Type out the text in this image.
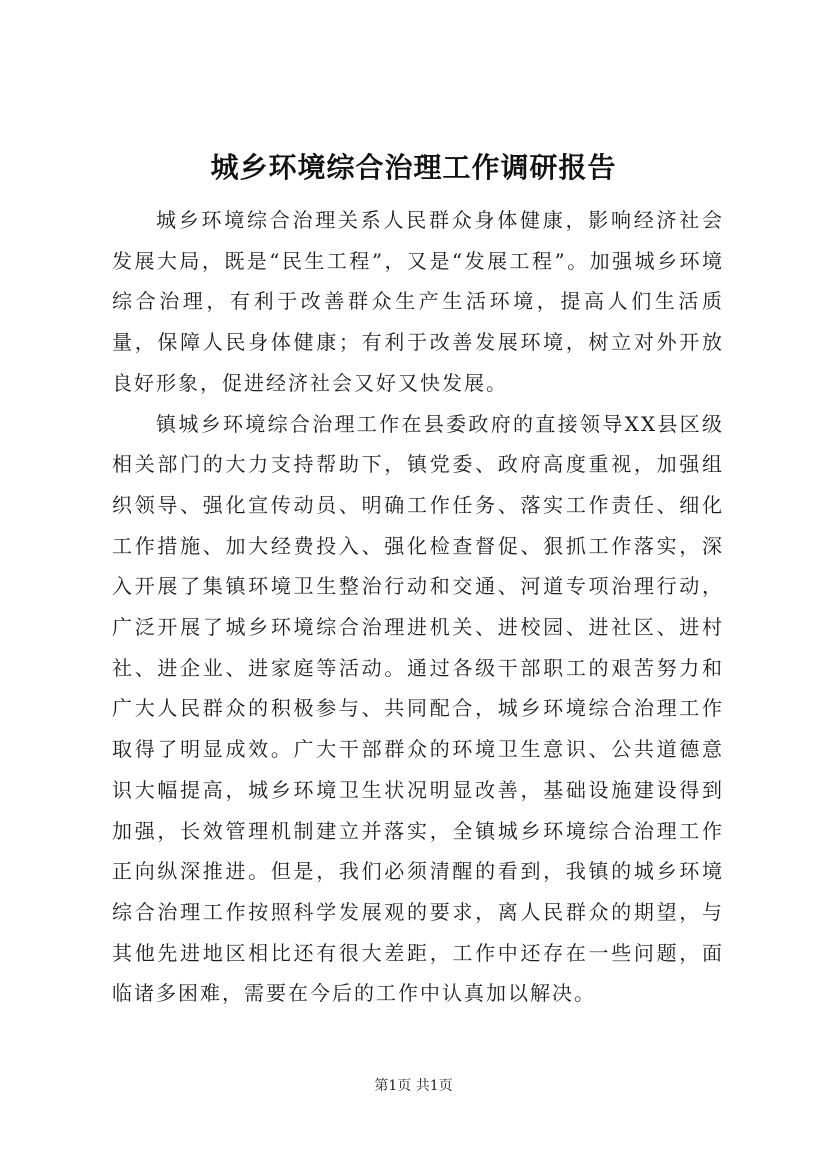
城乡环境综合治理工作调研报告

城乡环境综合治理关系人民群众身体健康，影响经济社会发展大局，既是“民生工程”，又是“发展工程”。加强城乡环境综合治理，有利于改善群众生产生活环境，提高人们生活质量，保障人民身体健康；有利于改善发展环境，树立对外开放良好形象，促进经济社会又好又快发展。

镇城乡环境综合治理工作在县委政府的直接领导XX县区级相关部门的大力支持帮助下，镇党委、政府高度重视，加强组织领导、强化宣传动员、明确工作任务、落实工作责任、细化工作措施、加大经费投入、强化检查督促、狠抓工作落实，深入开展了集镇环境卫生整治行动和交通、河道专项治理行动，广泛开展了城乡环境综合治理进机关、进校园、进社区、进村社、进企业、进家庭等活动。通过各级干部职工的艰苦努力和广大人民群众的积极参与、共同配合，城乡环境综合治理工作取得了明显成效。广大干部群众的环境卫生意识、公共道德意识大幅提高，城乡环境卫生状况明显改善，基础设施建设得到加强，长效管理机制建立并落实，全镇城乡环境综合治理工作正向纵深推进。但是，我们必须清醒的看到，我镇的城乡环境综合治理工作按照科学发展观的要求，离人民群众的期望，与其他先进地区相比还有很大差距，工作中还存在一些问题，面临诸多困难，需要在今后的工作中认真加以解决。

第1页 共1页
